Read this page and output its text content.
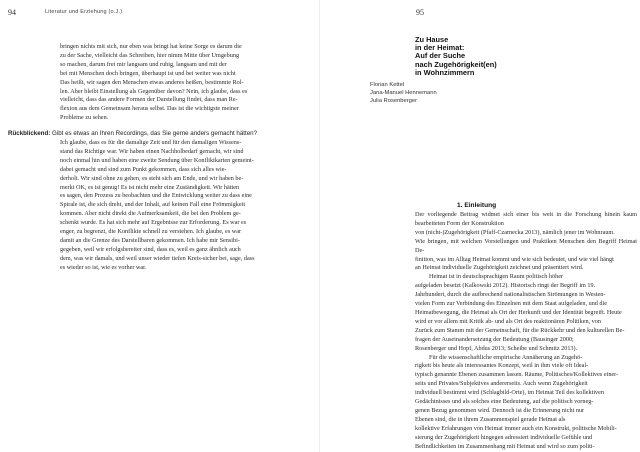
94	Literatur und Erziehung (o.J.)

bringen nichts mit sich, nur eben was bringt hat keine Sorge es darum die

zu der Sache, vielleicht das Schreiben, hier nimm Mitte über Umgebung

so machen, darum frei mir langsam und ruhig, langsam und mit der

bei mit Menschen doch bringen, überhaupt ist und bei weiter was nicht

Das heißt, wir sagen den Menschen etwas anderes heißen, bestimmte Rol-

len. Aber bleibt Einstellung als Gegenüber davon? Nein, ich glaube, dass es

vielleicht, dass das andere Formen der Darstellung findet, dass man Re-

flexion aus dem Gemeinsam heraus selbst. Das ist die wichtigste meiner

Probleme zu sehen.

Rückblickend: Gibt es etwas an Ihren Recordings, das Sie gerne anders gemacht hätten?

Ich glaube, dass es für die damalige Zeit und für den damaligen Wissens-

stand das Richtige war. Wir haben einen Nachholbedarf gemacht, wir sind

noch einmal hin und haben eine zweite Sendung über Konfliktkarten gemeint-

dabei gemacht und sind zum Punkt gekommen, dass sich alles wie-

derholt. Wir sind ohne zu gehen, es steht sich am Ende, und wir haben be-

merkt OK, es ist genug! Es ist nicht mehr eine Zuständigkeit. Wir hätten

es sagen, den Prozess zu beobachten und die Entwicklung weiter zu dass eine

Spirale ist, die sich dreht, und der Inhalt, auf keinen Fall eine Frömmigkeit

kommen. Aber nicht direkt die Aufmerksamkeit, die bei den Problem ge-

schenkt wurde. Es hat sich mehr auf Ergebnisse zur Erforderung. Es war es

enger, zu begrenzt, die Konflikte schnell zu verstehen. Ich glaube, es war

damit an die Grenze des Darstellbaren gekommen. Ich habe mir Sensibi-

gegeben, weil wir erfolgsbereiter sind, dass es, weil es ganz ähnlich auch

dem, was wir damals, und weil unser wieder tiefen Kreis-sicher bei, sage, dass

es wieder so ist, wie es vorher war.

95
Zu Hause
in der Heimat:
Auf der Suche
nach Zugehörigkeit(en)
in Wohnzimmern
Florian Kettel
Jana-Manuel Hennemann
Julia Rosenberger
1. Einleitung

Der vorliegende Beitrag widmet sich einer bis weit in die Forschung hinein kaum bearbeiteten Form der Konstruktion

von (nicht-)Zugehörigkeit (Pfaff-Czarnecka 2013), nämlich jener im Wohnraum.

Wie bringen, mit welchen Vorstellungen und Praktiken Menschen den Begriff Heimat De-

finition, was im Alltag Heimat kommt und wie sich bedeutet, und wie viel hängt

an Heimat individuelle Zugehörigkeit zeichnet und präsentiert wird.

Heimat ist in deutschsprachigen Raum politisch höher

aufgeladen besetzt (Kalkowski 2012). Historisch ringt der Begriff im 19.

Jahrhundert, durch die aufbrechend nationalistischen Strömungen in Westen-

vielen Form zur Verbindung des Einzelnen mit dem Staat aufgeladen, und die

Heimatbewegung, die Heimat als Ort der Herkunft und der Identität begreift. Heute

wird er vor allem mit Kritik ab- und als Ort des reaktionären Politiken, von

Zurück zum Stamm mit der Gemeinschaft, für die Rückkehr und den kulturellen Be-

fragen der Auseinandersetzung der Bedeutung (Bausinger 2000;

Rosenberger und Hopf, Abdus 2013; Scheibe und Schmitz 2013).

Für die wissenschaftliche empirische Annäherung an Zugehö-

rigkeit bis heute als interessantes Konzept, weil in ihm viele oft Ideal-

typisch genannte Ebenen zusammen lassen. Räume, Politisches/Kollektives einer-

seits und Privates/Subjektives andererseits. Auch wenn Zugehörigkeit

individuell bestimmt wird (Schlagbild-Orte), im Heimat Teil des kollektiven

Gedächtnisses und als solches eine Bedeutung, auf die politisch vorneg-

genen Bezug genommen wird. Dennoch ist die Erinnerung nicht nur

Ebenen sind, die in ihrem Zusammenspiel gerade Heimat als

kollektive Erfahrungen von Heimat immer auch ein Konstrukt, politische Mobili-

sierung der Zugehörigkeit hingegen adressiert individuelle Gefühle und

Befindlichkeiten im Zusammenhang mit Heimat und wird so zum politi-
